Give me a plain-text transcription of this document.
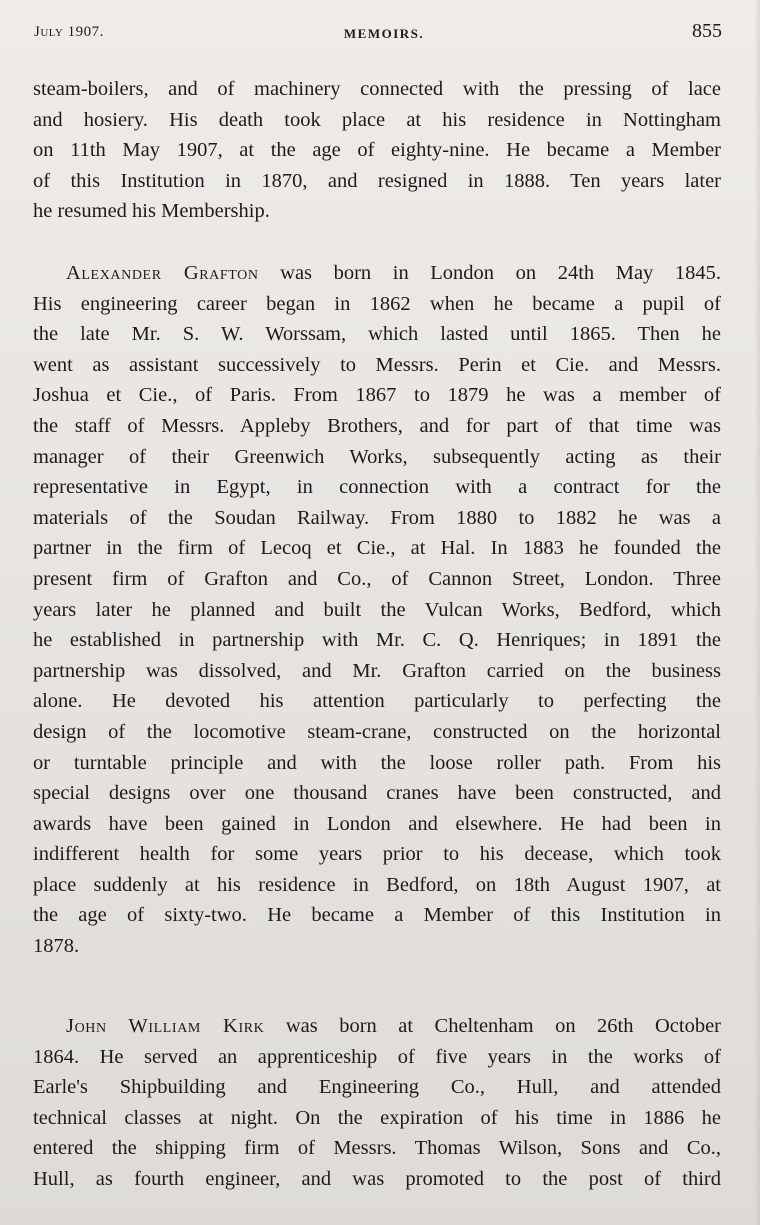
July 1907.	MEMOIRS.	855

steam-boilers, and of machinery connected with the pressing of lace
and hosiery. His death took place at his residence in Nottingham
on 11th May 1907, at the age of eighty-nine. He became a Member
of this Institution in 1870, and resigned in 1888. Ten years later
he resumed his Membership.

Alexander Grafton was born in London on 24th May 1845.
His engineering career began in 1862 when he became a pupil of
the late Mr. S. W. Worssam, which lasted until 1865. Then he
went as assistant successively to Messrs. Perin et Cie. and Messrs.
Joshua et Cie., of Paris. From 1867 to 1879 he was a member of
the staff of Messrs. Appleby Brothers, and for part of that time was
manager of their Greenwich Works, subsequently acting as their
representative in Egypt, in connection with a contract for the
materials of the Soudan Railway. From 1880 to 1882 he was a
partner in the firm of Lecoq et Cie., at Hal. In 1883 he founded the
present firm of Grafton and Co., of Cannon Street, London. Three
years later he planned and built the Vulcan Works, Bedford, which
he established in partnership with Mr. C. Q. Henriques; in 1891 the
partnership was dissolved, and Mr. Grafton carried on the business
alone. He devoted his attention particularly to perfecting the
design of the locomotive steam-crane, constructed on the horizontal
or turntable principle and with the loose roller path. From his
special designs over one thousand cranes have been constructed, and
awards have been gained in London and elsewhere. He had been in
indifferent health for some years prior to his decease, which took
place suddenly at his residence in Bedford, on 18th August 1907, at
the age of sixty-two. He became a Member of this Institution in
1878.

John William Kirk was born at Cheltenham on 26th October
1864. He served an apprenticeship of five years in the works of
Earle's Shipbuilding and Engineering Co., Hull, and attended
technical classes at night. On the expiration of his time in 1886 he
entered the shipping firm of Messrs. Thomas Wilson, Sons and Co.,
Hull, as fourth engineer, and was promoted to the post of third
